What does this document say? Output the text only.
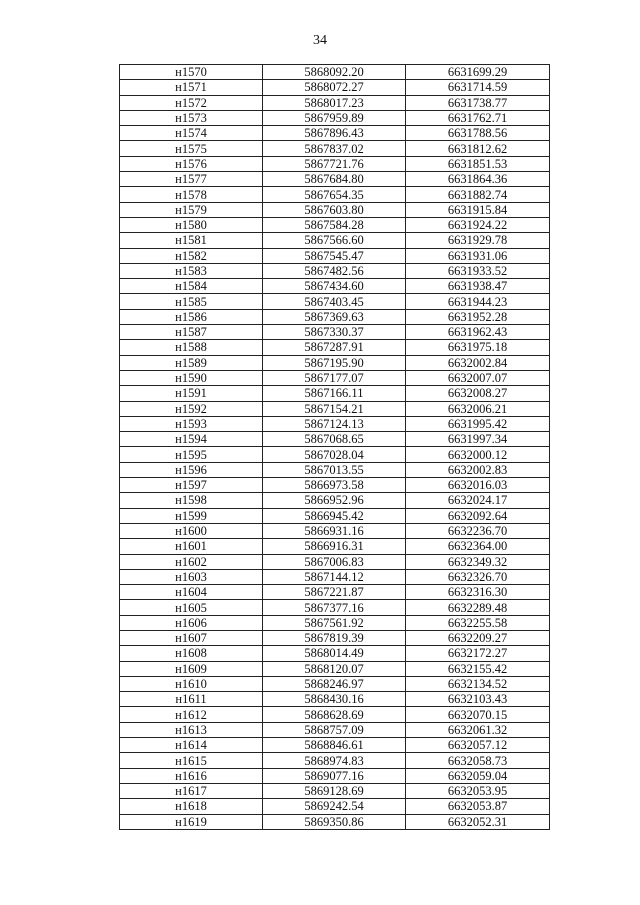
34
н1570	5868092.20	6631699.29
н1571	5868072.27	6631714.59
н1572	5868017.23	6631738.77
н1573	5867959.89	6631762.71
н1574	5867896.43	6631788.56
н1575	5867837.02	6631812.62
н1576	5867721.76	6631851.53
н1577	5867684.80	6631864.36
н1578	5867654.35	6631882.74
н1579	5867603.80	6631915.84
н1580	5867584.28	6631924.22
н1581	5867566.60	6631929.78
н1582	5867545.47	6631931.06
н1583	5867482.56	6631933.52
н1584	5867434.60	6631938.47
н1585	5867403.45	6631944.23
н1586	5867369.63	6631952.28
н1587	5867330.37	6631962.43
н1588	5867287.91	6631975.18
н1589	5867195.90	6632002.84
н1590	5867177.07	6632007.07
н1591	5867166.11	6632008.27
н1592	5867154.21	6632006.21
н1593	5867124.13	6631995.42
н1594	5867068.65	6631997.34
н1595	5867028.04	6632000.12
н1596	5867013.55	6632002.83
н1597	5866973.58	6632016.03
н1598	5866952.96	6632024.17
н1599	5866945.42	6632092.64
н1600	5866931.16	6632236.70
н1601	5866916.31	6632364.00
н1602	5867006.83	6632349.32
н1603	5867144.12	6632326.70
н1604	5867221.87	6632316.30
н1605	5867377.16	6632289.48
н1606	5867561.92	6632255.58
н1607	5867819.39	6632209.27
н1608	5868014.49	6632172.27
н1609	5868120.07	6632155.42
н1610	5868246.97	6632134.52
н1611	5868430.16	6632103.43
н1612	5868628.69	6632070.15
н1613	5868757.09	6632061.32
н1614	5868846.61	6632057.12
н1615	5868974.83	6632058.73
н1616	5869077.16	6632059.04
н1617	5869128.69	6632053.95
н1618	5869242.54	6632053.87
н1619	5869350.86	6632052.31
